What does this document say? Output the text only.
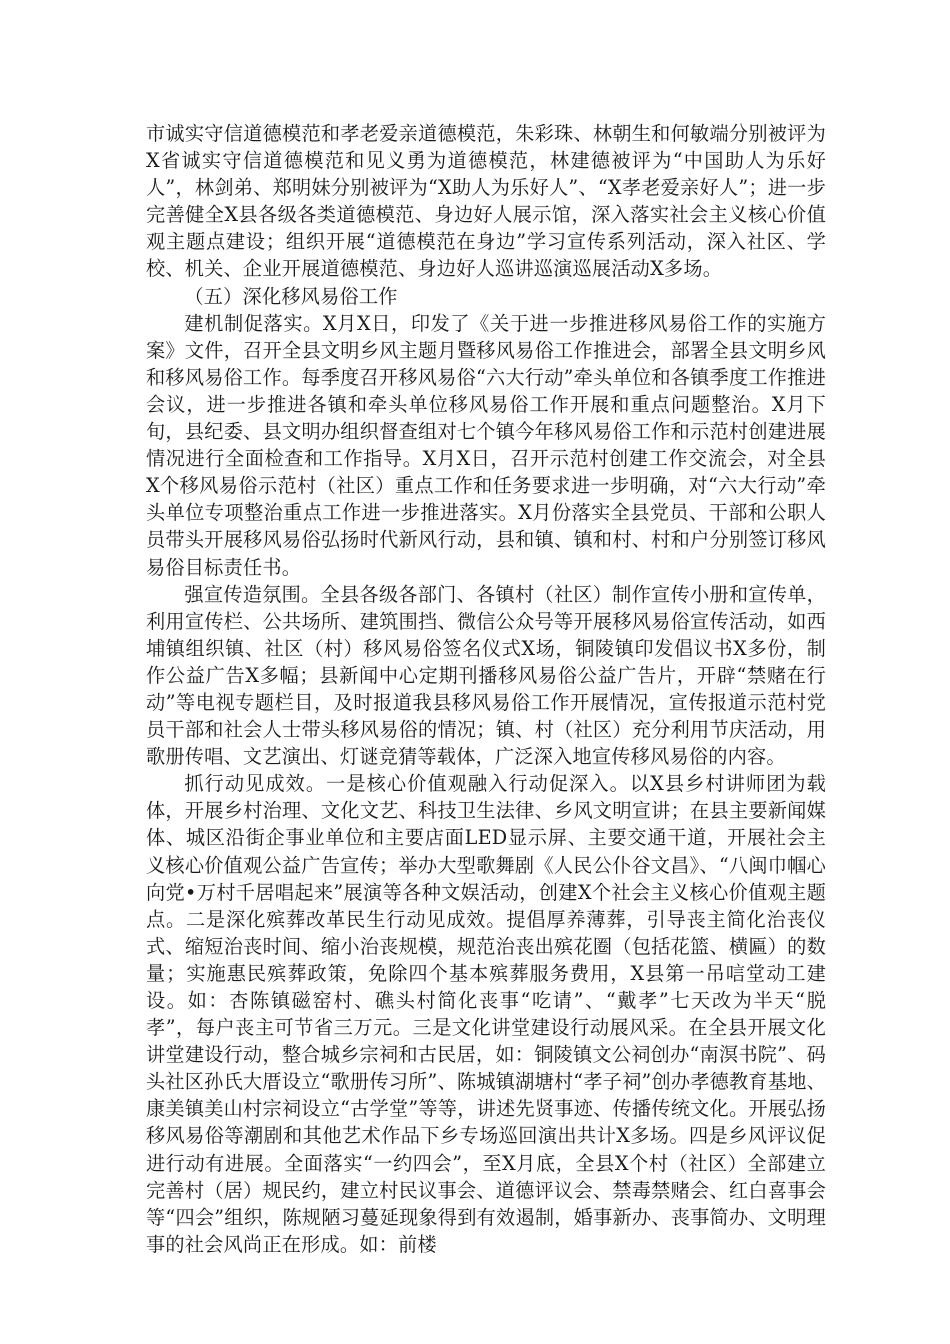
市诚实守信道德模范和孝老爱亲道德模范，朱彩珠、林朝生和何敏端分别被评为X省诚实守信道德模范和见义勇为道德模范，林建德被评为“中国助人为乐好人”，林剑弟、郑明妹分别被评为“X助人为乐好人”、“X孝老爱亲好人”；进一步完善健全X县各级各类道德模范、身边好人展示馆，深入落实社会主义核心价值观主题点建设；组织开展“道德模范在身边”学习宣传系列活动，深入社区、学校、机关、企业开展道德模范、身边好人巡讲巡演巡展活动X多场。

（五）深化移风易俗工作

建机制促落实。X月X日，印发了《关于进一步推进移风易俗工作的实施方案》文件，召开全县文明乡风主题月暨移风易俗工作推进会，部署全县文明乡风和移风易俗工作。每季度召开移风易俗“六大行动”牵头单位和各镇季度工作推进会议，进一步推进各镇和牵头单位移风易俗工作开展和重点问题整治。X月下旬，县纪委、县文明办组织督查组对七个镇今年移风易俗工作和示范村创建进展情况进行全面检查和工作指导。X月X日，召开示范村创建工作交流会，对全县X个移风易俗示范村（社区）重点工作和任务要求进一步明确，对“六大行动”牵头单位专项整治重点工作进一步推进落实。X月份落实全县党员、干部和公职人员带头开展移风易俗弘扬时代新风行动，县和镇、镇和村、村和户分别签订移风易俗目标责任书。

强宣传造氛围。全县各级各部门、各镇村（社区）制作宣传小册和宣传单，利用宣传栏、公共场所、建筑围挡、微信公众号等开展移风易俗宣传活动，如西埔镇组织镇、社区（村）移风易俗签名仪式X场，铜陵镇印发倡议书X多份，制作公益广告X多幅；县新闻中心定期刊播移风易俗公益广告片，开辟“禁赌在行动”等电视专题栏目，及时报道我县移风易俗工作开展情况，宣传报道示范村党员干部和社会人士带头移风易俗的情况；镇、村（社区）充分利用节庆活动，用歌册传唱、文艺演出、灯谜竞猜等载体，广泛深入地宣传移风易俗的内容。

抓行动见成效。一是核心价值观融入行动促深入。以X县乡村讲师团为载体，开展乡村治理、文化文艺、科技卫生法律、乡风文明宣讲；在县主要新闻媒体、城区沿街企事业单位和主要店面LED显示屏、主要交通干道，开展社会主义核心价值观公益广告宣传；举办大型歌舞剧《人民公仆谷文昌》、“八闽巾帼心向党•万村千居唱起来”展演等各种文娱活动，创建X个社会主义核心价值观主题点。二是深化殡葬改革民生行动见成效。提倡厚养薄葬，引导丧主简化治丧仪式、缩短治丧时间、缩小治丧规模，规范治丧出殡花圈（包括花篮、横匾）的数量；实施惠民殡葬政策，免除四个基本殡葬服务费用，X县第一吊唁堂动工建设。如：杏陈镇磁窑村、礁头村简化丧事“吃请”、“戴孝”七天改为半天“脱孝”，每户丧主可节省三万元。三是文化讲堂建设行动展风采。在全县开展文化讲堂建设行动，整合城乡宗祠和古民居，如：铜陵镇文公祠创办“南溟书院”、码头社区孙氏大厝设立“歌册传习所”、陈城镇湖塘村“孝子祠”创办孝德教育基地、康美镇美山村宗祠设立“古学堂”等等，讲述先贤事迹、传播传统文化。开展弘扬移风易俗等潮剧和其他艺术作品下乡专场巡回演出共计X多场。四是乡风评议促进行动有进展。全面落实“一约四会”，至X月底，全县X个村（社区）全部建立完善村（居）规民约，建立村民议事会、道德评议会、禁毒禁赌会、红白喜事会等“四会”组织，陈规陋习蔓延现象得到有效遏制，婚事新办、丧事简办、文明理事的社会风尚正在形成。如：前楼
